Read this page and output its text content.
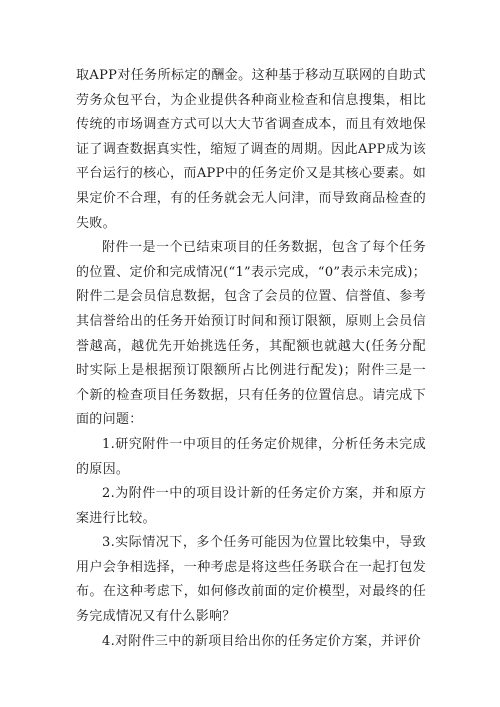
取APP对任务所标定的酬金。这种基于移动互联网的自助式劳务众包平台，为企业提供各种商业检查和信息搜集，相比传统的市场调查方式可以大大节省调查成本，而且有效地保证了调查数据真实性，缩短了调查的周期。因此APP成为该平台运行的核心，而APP中的任务定价又是其核心要素。如果定价不合理，有的任务就会无人问津，而导致商品检查的失败。

附件一是一个已结束项目的任务数据，包含了每个任务的位置、定价和完成情况(“1”表示完成，“0”表示未完成)；附件二是会员信息数据，包含了会员的位置、信誉值、参考其信誉给出的任务开始预订时间和预订限额，原则上会员信誉越高，越优先开始挑选任务，其配额也就越大(任务分配时实际上是根据预订限额所占比例进行配发)；附件三是一个新的检查项目任务数据，只有任务的位置信息。请完成下面的问题：

1.研究附件一中项目的任务定价规律，分析任务未完成的原因。

2.为附件一中的项目设计新的任务定价方案，并和原方案进行比较。

3.实际情况下，多个任务可能因为位置比较集中，导致用户会争相选择，一种考虑是将这些任务联合在一起打包发布。在这种考虑下，如何修改前面的定价模型，对最终的任务完成情况又有什么影响？

4.对附件三中的新项目给出你的任务定价方案，并评价
